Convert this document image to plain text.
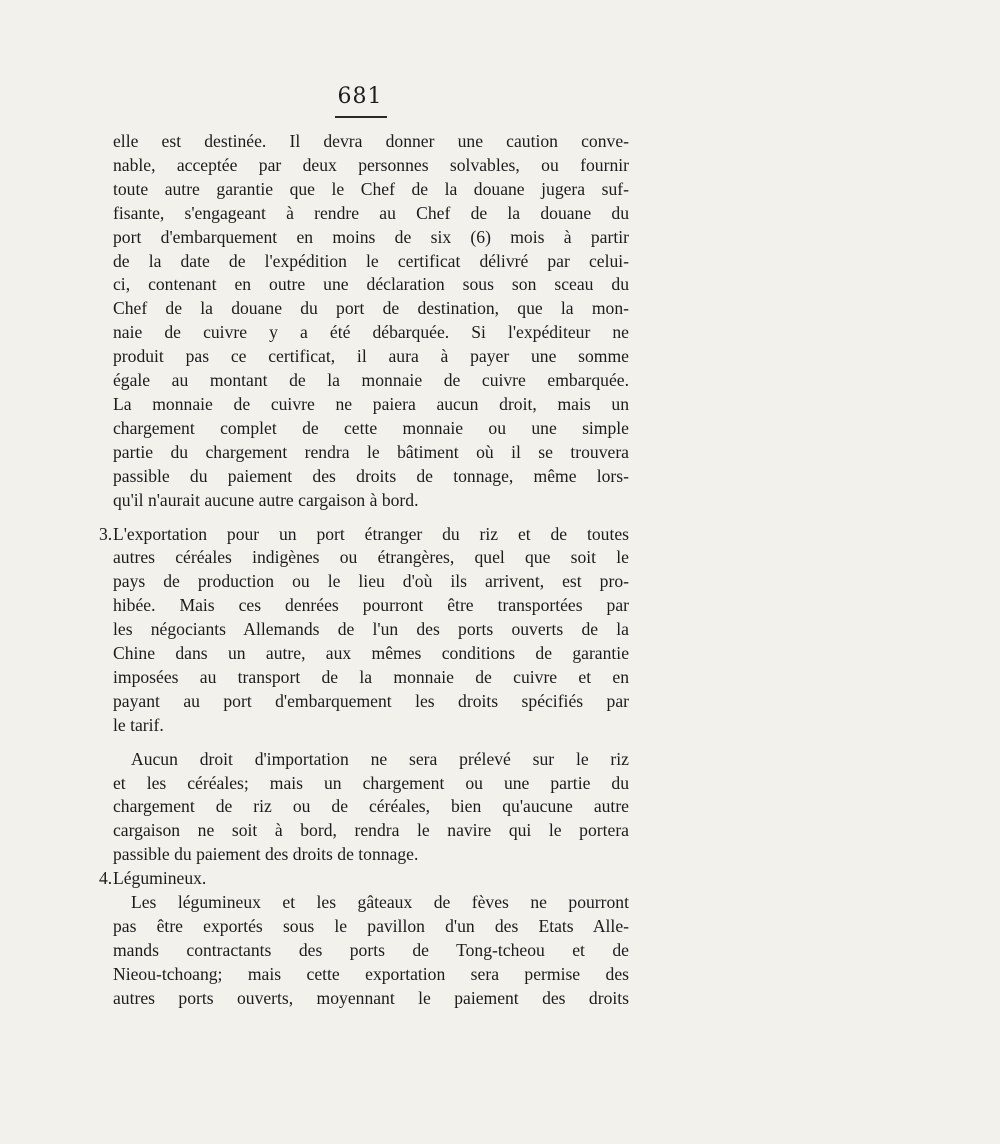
681

elle est destinée. Il devra donner une caution conve-
nable, acceptée par deux personnes solvables, ou fournir
toute autre garantie que le Chef de la douane jugera suf-
fisante, s'engageant à rendre au Chef de la douane du
port d'embarquement en moins de six (6) mois à partir
de la date de l'expédition le certificat délivré par celui-
ci, contenant en outre une déclaration sous son sceau du
Chef de la douane du port de destination, que la mon-
naie de cuivre y a été débarquée. Si l'expéditeur ne
produit pas ce certificat, il aura à payer une somme
égale au montant de la monnaie de cuivre embarquée.
La monnaie de cuivre ne paiera aucun droit, mais un
chargement complet de cette monnaie ou une simple
partie du chargement rendra le bâtiment où il se trouvera
passible du paiement des droits de tonnage, même lors-
qu'il n'aurait aucune autre cargaison à bord.

3. L'exportation pour un port étranger du riz et de toutes
autres céréales indigènes ou étrangères, quel que soit le
pays de production ou le lieu d'où ils arrivent, est pro-
hibée. Mais ces denrées pourront être transportées par
les négociants Allemands de l'un des ports ouverts de la
Chine dans un autre, aux mêmes conditions de garantie
imposées au transport de la monnaie de cuivre et en
payant au port d'embarquement les droits spécifiés par
le tarif.

Aucun droit d'importation ne sera prélevé sur le riz
et les céréales; mais un chargement ou une partie du
chargement de riz ou de céréales, bien qu'aucune autre
cargaison ne soit à bord, rendra le navire qui le portera
passible du paiement des droits de tonnage.

4. Légumineux.

Les légumineux et les gâteaux de fèves ne pourront
pas être exportés sous le pavillon d'un des Etats Alle-
mands contractants des ports de Tong-tcheou et de
Nieou-tchoang; mais cette exportation sera permise des
autres ports ouverts, moyennant le paiement des droits
